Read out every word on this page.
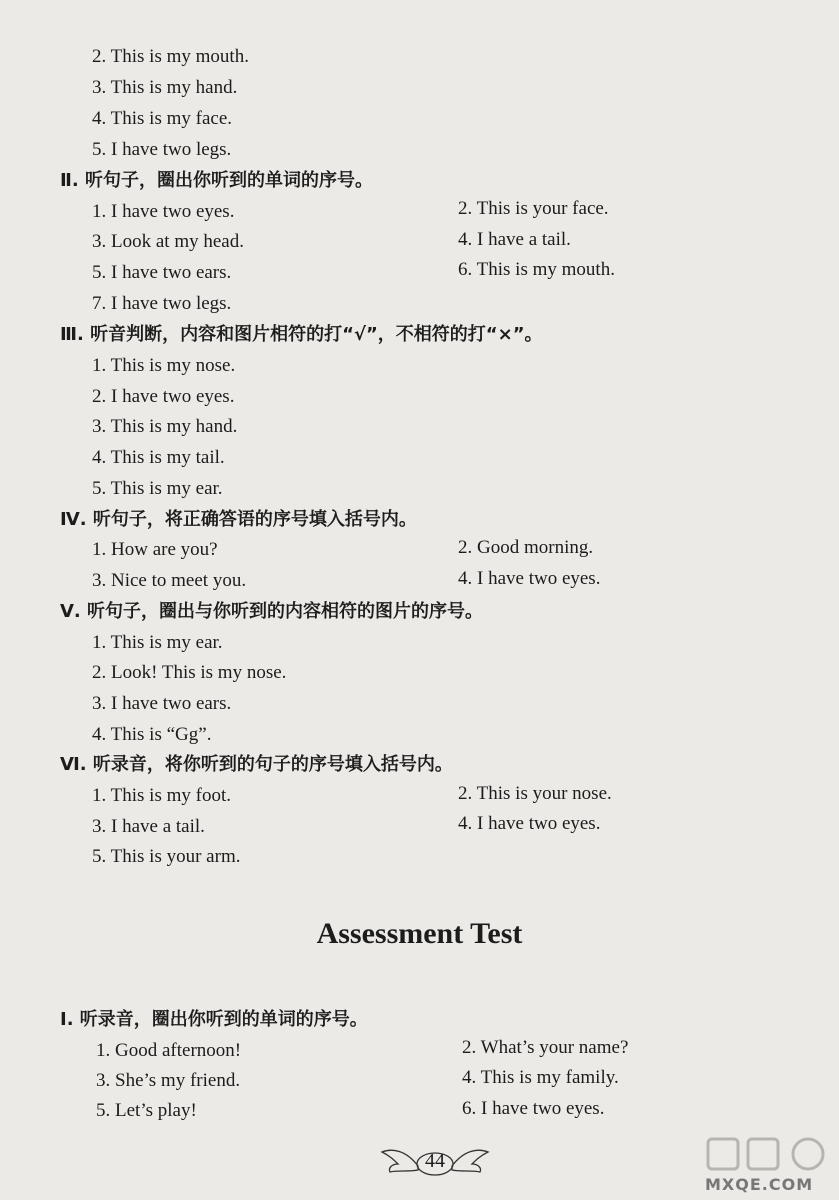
2. This is my mouth.
3. This is my hand.
4. This is my face.
5. I have two legs.
Ⅱ. 听句子，圈出你听到的单词的序号。
1. I have two eyes.	2. This is your face.
3. Look at my head.	4. I have a tail.
5. I have two ears.	6. This is my mouth.
7. I have two legs.
Ⅲ. 听音判断，内容和图片相符的打“√”，不相符的打“×”。
1. This is my nose.
2. I have two eyes.
3. This is my hand.
4. This is my tail.
5. This is my ear.
Ⅳ. 听句子，将正确答语的序号填入括号内。
1. How are you?	2. Good morning.
3. Nice to meet you.	4. I have two eyes.
Ⅴ. 听句子，圈出与你听到的内容相符的图片的序号。
1. This is my ear.
2. Look! This is my nose.
3. I have two ears.
4. This is “Gg”.
Ⅵ. 听录音，将你听到的句子的序号填入括号内。
1. This is my foot.	2. This is your nose.
3. I have a tail.	4. I have two eyes.
5. This is your arm.
Assessment Test
Ⅰ. 听录音，圈出你听到的单词的序号。
1. Good afternoon!	2. What’s your name?
3. She’s my friend.	4. This is my family.
5. Let’s play!	6. I have two eyes.
44
MXQE.COM
